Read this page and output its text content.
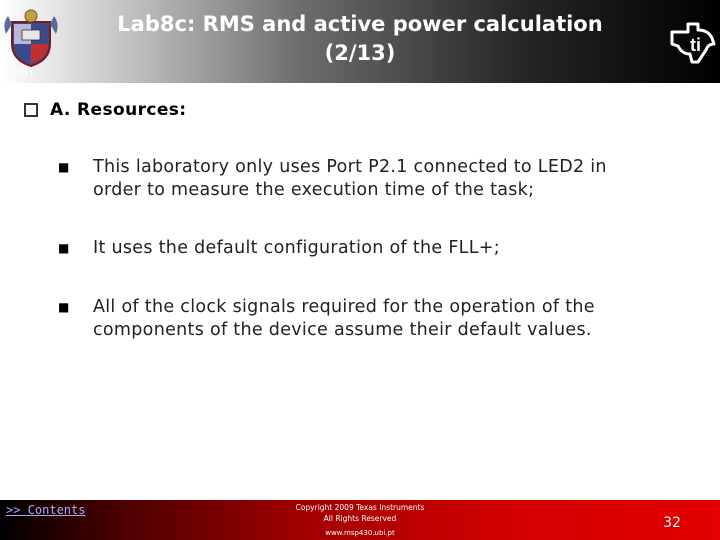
UBI
Lab8c: RMS and active power calculation
(2/13)	ti
A. Resources:
■	This laboratory only uses Port P2.1 connected to LED2 in
order to measure the execution time of the task;
■	It uses the default configuration of the FLL+;
■	All of the clock signals required for the operation of the
components of the device assume their default values.
>> Contents	Copyright 2009 Texas Instruments
All Rights Reserved
www.msp430.ubi.pt
32
